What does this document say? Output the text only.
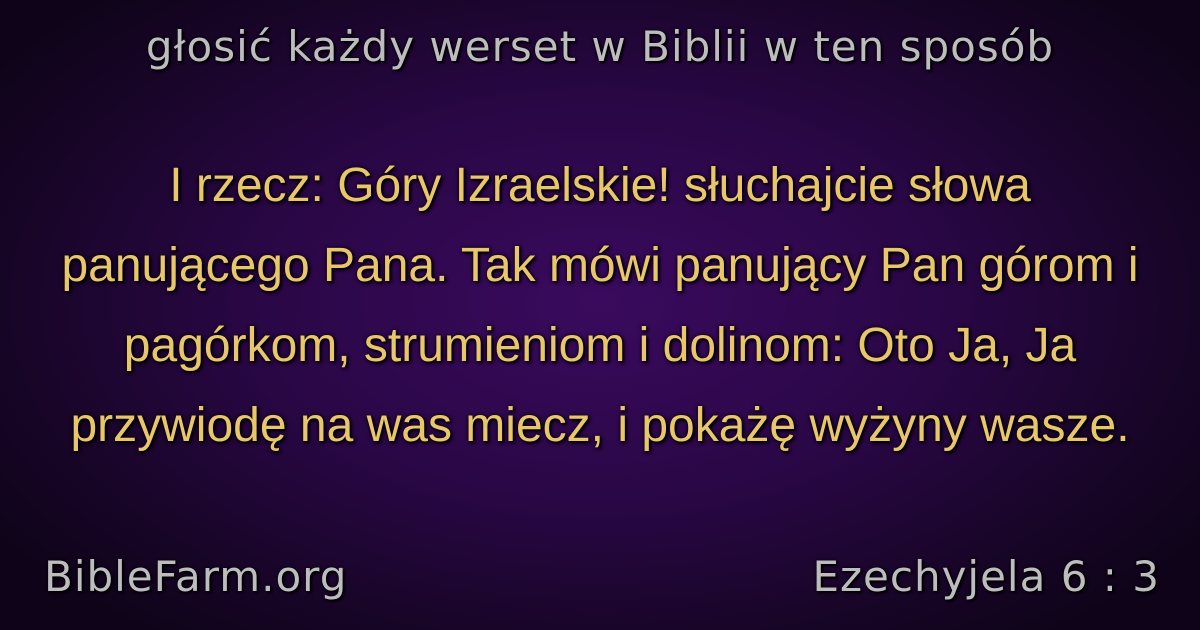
głosić każdy werset w Biblii w ten sposób
I rzecz: Góry Izraelskie! słuchajcie słowa panującego Pana. Tak mówi panujący Pan górom i pagórkom, strumieniom i dolinom: Oto Ja, Ja przywiodę na was miecz, i pokażę wyżyny wasze.
BibleFarm.org	Ezechyjela 6 : 3
